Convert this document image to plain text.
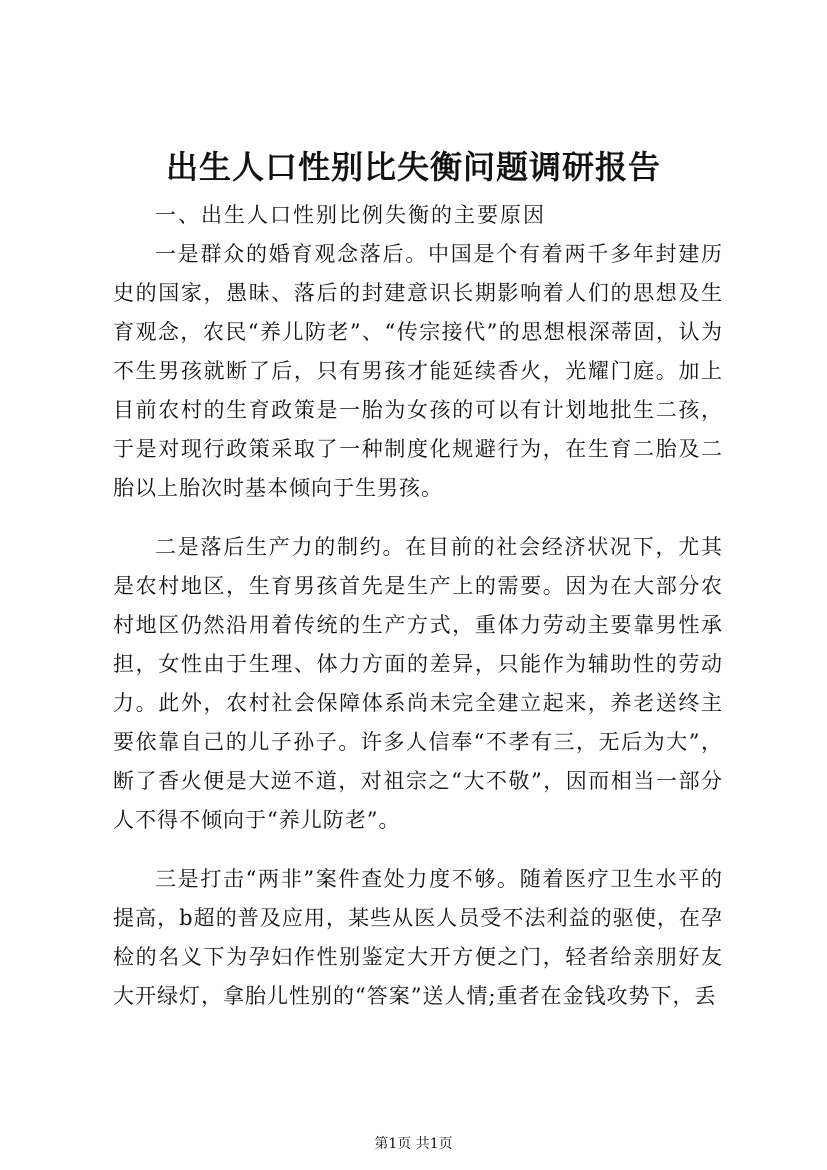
出生人口性别比失衡问题调研报告

一、出生人口性别比例失衡的主要原因

一是群众的婚育观念落后。中国是个有着两千多年封建历史的国家，愚昧、落后的封建意识长期影响着人们的思想及生育观念，农民“养儿防老”、“传宗接代”的思想根深蒂固，认为不生男孩就断了后，只有男孩才能延续香火，光耀门庭。加上目前农村的生育政策是一胎为女孩的可以有计划地批生二孩，于是对现行政策采取了一种制度化规避行为，在生育二胎及二胎以上胎次时基本倾向于生男孩。

二是落后生产力的制约。在目前的社会经济状况下，尤其是农村地区，生育男孩首先是生产上的需要。因为在大部分农村地区仍然沿用着传统的生产方式，重体力劳动主要靠男性承担，女性由于生理、体力方面的差异，只能作为辅助性的劳动力。此外，农村社会保障体系尚未完全建立起来，养老送终主要依靠自己的儿子孙子。许多人信奉“不孝有三，无后为大”，断了香火便是大逆不道，对祖宗之“大不敬”，因而相当一部分人不得不倾向于“养儿防老”。

三是打击“两非”案件查处力度不够。随着医疗卫生水平的提高，b超的普及应用，某些从医人员受不法利益的驱使，在孕检的名义下为孕妇作性别鉴定大开方便之门，轻者给亲朋好友大开绿灯，拿胎儿性别的“答案”送人情;重者在金钱攻势下，丢

第1页 共1页
